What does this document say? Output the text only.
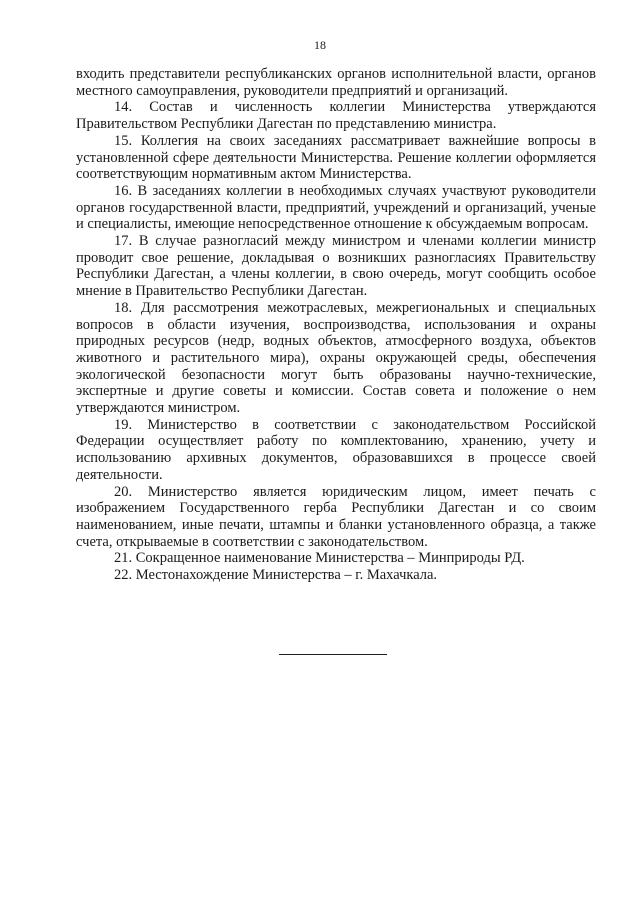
18

входить представители республиканских органов исполнительной власти, органов местного самоуправления, руководители предприятий и организаций.

14. Состав и численность коллегии Министерства утверждаются Правительством Республики Дагестан по представлению министра.

15. Коллегия на своих заседаниях рассматривает важнейшие вопросы в установленной сфере деятельности Министерства. Решение коллегии оформляется соответствующим нормативным актом Министерства.

16. В заседаниях коллегии в необходимых случаях участвуют руководители органов государственной власти, предприятий, учреждений и организаций, ученые и специалисты, имеющие непосредственное отношение к обсуждаемым вопросам.

17. В случае разногласий между министром и членами коллегии министр проводит свое решение, докладывая о возникших разногласиях Правительству Республики Дагестан, а члены коллегии, в свою очередь, могут сообщить особое мнение в Правительство Республики Дагестан.

18. Для рассмотрения межотраслевых, межрегиональных и специальных вопросов в области изучения, воспроизводства, использования и охраны природных ресурсов (недр, водных объектов, атмосферного воздуха, объектов животного и растительного мира), охраны окружающей среды, обеспечения экологической безопасности могут быть образованы научно-технические, экспертные и другие советы и комиссии. Состав совета и положение о нем утверждаются министром.

19. Министерство в соответствии с законодательством Российской Федерации осуществляет работу по комплектованию, хранению, учету и использованию архивных документов, образовавшихся в процессе своей деятельности.

20. Министерство является юридическим лицом, имеет печать с изображением Государственного герба Республики Дагестан и со своим наименованием, иные печати, штампы и бланки установленного образца, а также счета, открываемые в соответствии с законодательством.

21. Сокращенное наименование Министерства – Минприроды РД.

22. Местонахождение Министерства – г. Махачкала.
